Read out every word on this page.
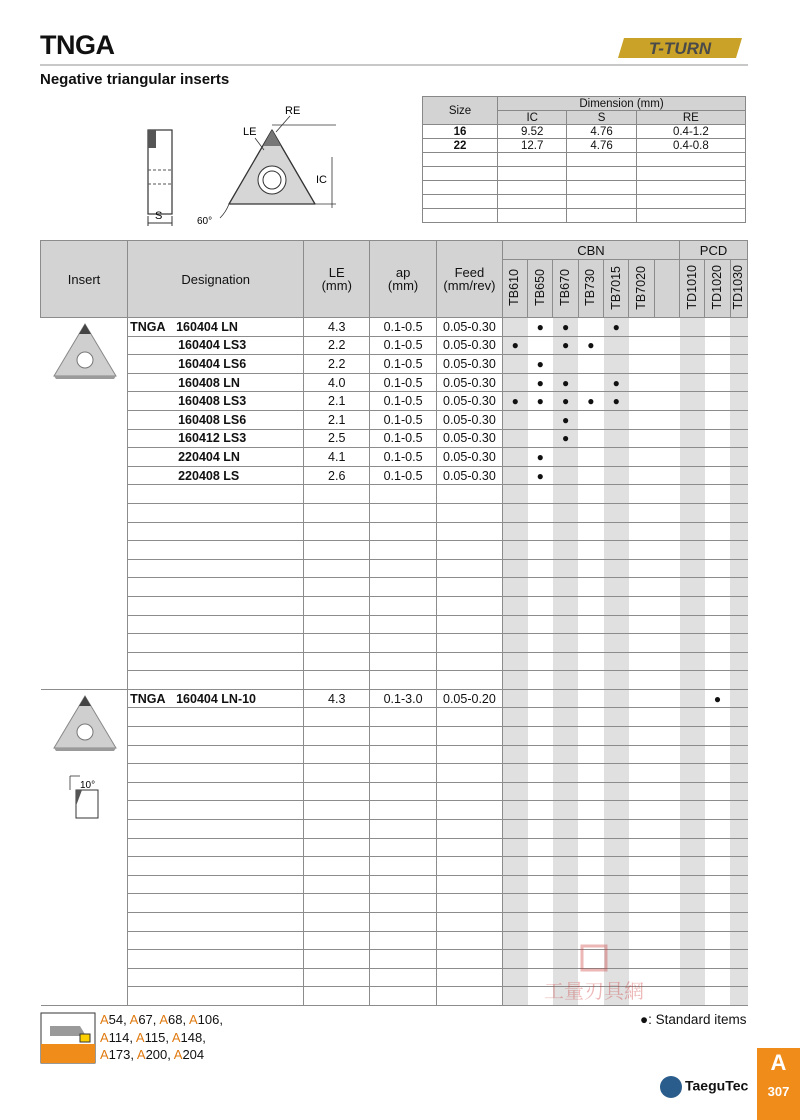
TNGA
Negative triangular inserts
T-TURN
S
IC
RE
LE
60°
Size	Dimension (mm)		
	IC	S	RE
16	9.52	4.76	0.4-1.2
22	12.7	4.76	0.4-0.8

Insert	Designation	LE
(mm)	ap
(mm)	Feed
(mm/rev)	CBN							PCD		
					TB610	TB650	TB670	TB730	TB7015	TB7020		TD1010	TD1020	TD1030
	TNGA 160404 LN	4.3	0.1-0.5	0.05-0.30		●	●		●					
	160404 LS3	2.2	0.1-0.5	0.05-0.30	●		●	●						
	160404 LS6	2.2	0.1-0.5	0.05-0.30		●								
	160408 LN	4.0	0.1-0.5	0.05-0.30		●	●		●					
	160408 LS3	2.1	0.1-0.5	0.05-0.30	●	●	●	●	●					
	160408 LS6	2.1	0.1-0.5	0.05-0.30			●							
	160412 LS3	2.5	0.1-0.5	0.05-0.30			●							
	220404 LN	4.1	0.1-0.5	0.05-0.30		●								
	220408 LS	2.6	0.1-0.5	0.05-0.30		●								

	TNGA 160404 LN-10	4.3	0.1-3.0	0.05-0.20									●	

10°
A54, A67, A68, A106,
A114, A115, A148,
A173, A200, A204
●: Standard items
工量刃具網
TaeguTec
A
307
